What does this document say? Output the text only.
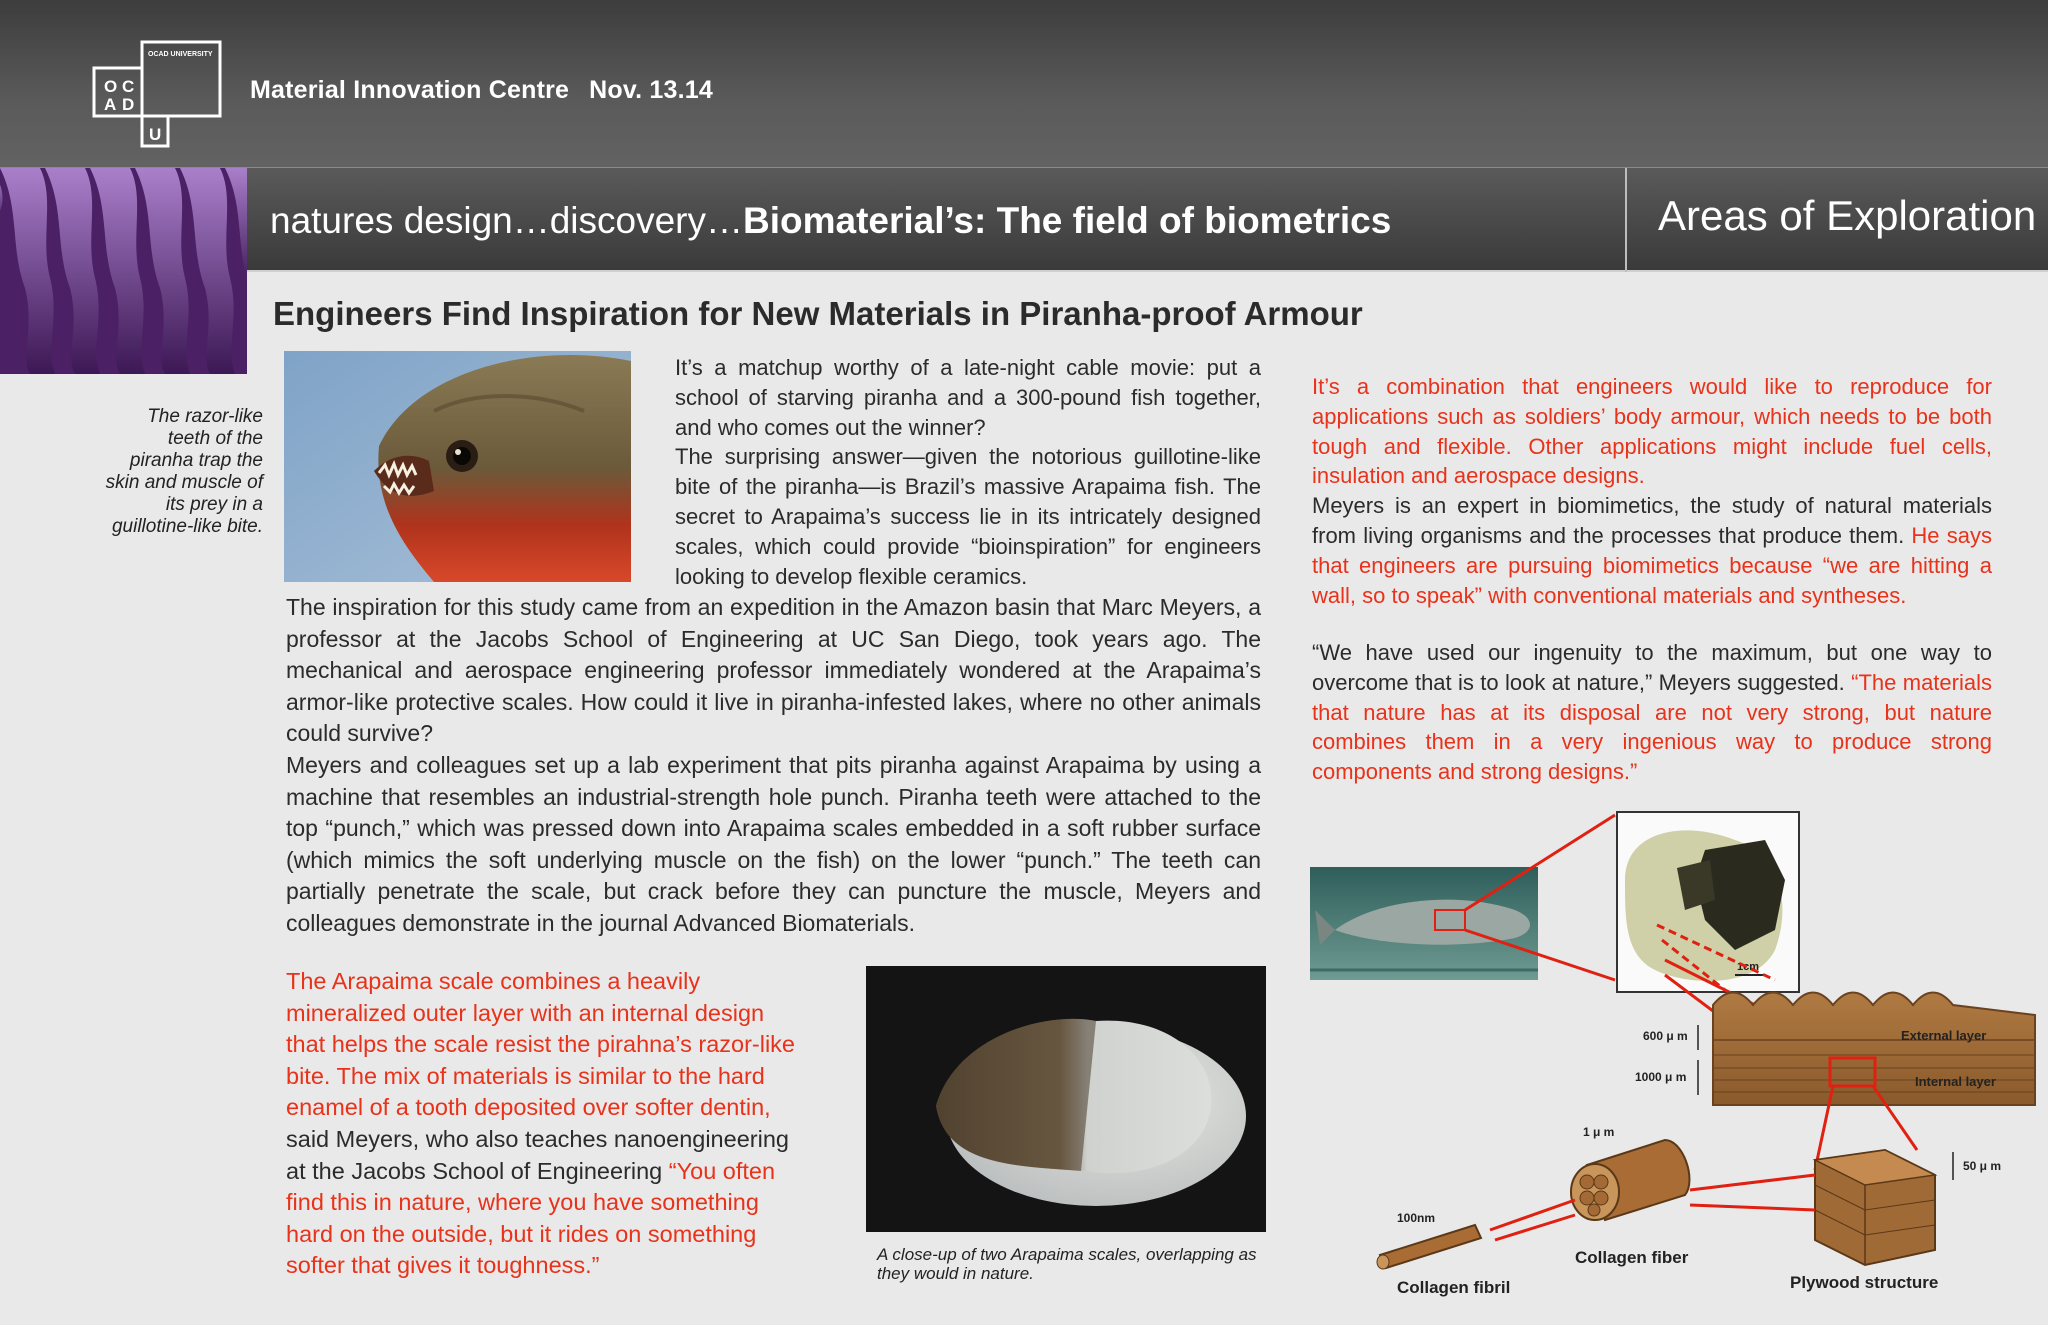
OCAD UNIVERSITY
O C
A D
U
Material Innovation Centre Nov. 13.14
natures design…discovery…Biomaterial’s: The field of biometrics	Areas of Exploration
Engineers Find Inspiration for New Materials in Piranha-proof Armour
The razor-like teeth of the piranha trap the skin and muscle of its prey in a guillotine-like bite.
It’s a matchup worthy of a late-night cable movie: put a school of starving piranha and a 300-pound fish together, and who comes out the winner?
The surprising answer—given the notorious guillotine-like bite of the piranha—is Brazil’s massive Arapaima fish. The secret to Arapaima’s success lie in its intricately designed scales, which could provide “bioinspiration” for engineers looking to develop flexible ceramics.
The inspiration for this study came from an expedition in the Amazon basin that Marc Meyers, a professor at the Jacobs School of Engineering at UC San Diego, took years ago. The mechanical and aerospace engineering professor immediately wondered at the Arapaima’s armor-like protective scales. How could it live in piranha-infested lakes, where no other animals could survive?
Meyers and colleagues set up a lab experiment that pits piranha against Arapaima by using a machine that resembles an industrial-strength hole punch. Piranha teeth were attached to the top “punch,” which was pressed down into Arapaima scales embedded in a soft rubber surface (which mimics the soft underlying muscle on the fish) on the lower “punch.” The teeth can partially penetrate the scale, but crack before they can puncture the muscle, Meyers and colleagues demonstrate in the journal Advanced Biomaterials.
The Arapaima scale combines a heavily mineralized outer layer with an internal design that helps the scale resist the pirahna’s razor-like bite. The mix of materials is similar to the hard enamel of a tooth deposited over softer dentin, said Meyers, who also teaches nanoengineering at the Jacobs School of Engineering “You often find this in nature, where you have something hard on the outside, but it rides on something softer that gives it toughness.”	A close-up of two Arapaima scales, overlapping as they would in nature.
It’s a combination that engineers would like to reproduce for applications such as soldiers’ body armour, which needs to be both tough and flexible. Other applications might include fuel cells, insulation and aerospace designs.
Meyers is an expert in biomimetics, the study of natural materials from living organisms and the processes that produce them. He says that engineers are pursuing biomimetics because “we are hitting a wall, so to speak” with conventional materials and syntheses.
“We have used our ingenuity to the maximum, but one way to overcome that is to look at nature,” Meyers suggested. “The materials that nature has at its disposal are not very strong, but nature combines them in a very ingenious way to produce strong components and strong designs.”
1cm
External layer
Internal layer
600 μ m
1000 μ m
50 μ m
Plywood structure
1 μ m
Collagen fiber
100nm
Collagen fibril
